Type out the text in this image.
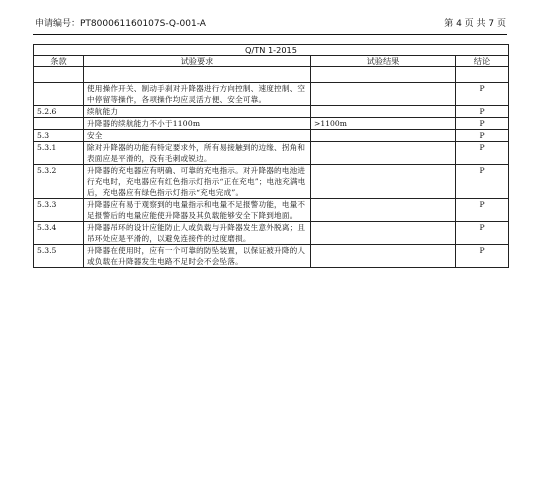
申请编号：PT800061160107S-Q-001-A	第 4 页 共 7 页
Q/TN 1-2015			
条款	试验要求	试验结果	结论

	使用操作开关、制动手刹对升降器进行方向控制、速度控制、空中停留等操作，各项操作均应灵活方便、安全可靠。		P
5.2.6	续航能力		P
	升降器的续航能力不小于1100m	>1100m	P
5.3	安全		P
5.3.1	除对升降器的功能有特定要求外，所有易接触到的边缘、拐角和表面应是平滑的，没有毛刺或锐边。		P
5.3.2	升降器的充电器应有明确、可靠的充电指示。对升降器的电池进行充电时，充电器应有红色指示灯指示“正在充电”；电池充满电后，充电器应有绿色指示灯指示“充电完成”。		P
5.3.3	升降器应有易于观察到的电量指示和电量不足报警功能，电量不足报警后的电量应能使升降器及其负载能够安全下降到地面。		P
5.3.4	升降器吊环的设计应能防止人或负载与升降器发生意外脱离；且吊环处应是平滑的，以避免连接件的过度磨损。		P
5.3.5	升降器在使用时，应有一个可靠的防坠装置，以保证被升降的人或负载在升降器发生电路不足时会不会坠落。		P
